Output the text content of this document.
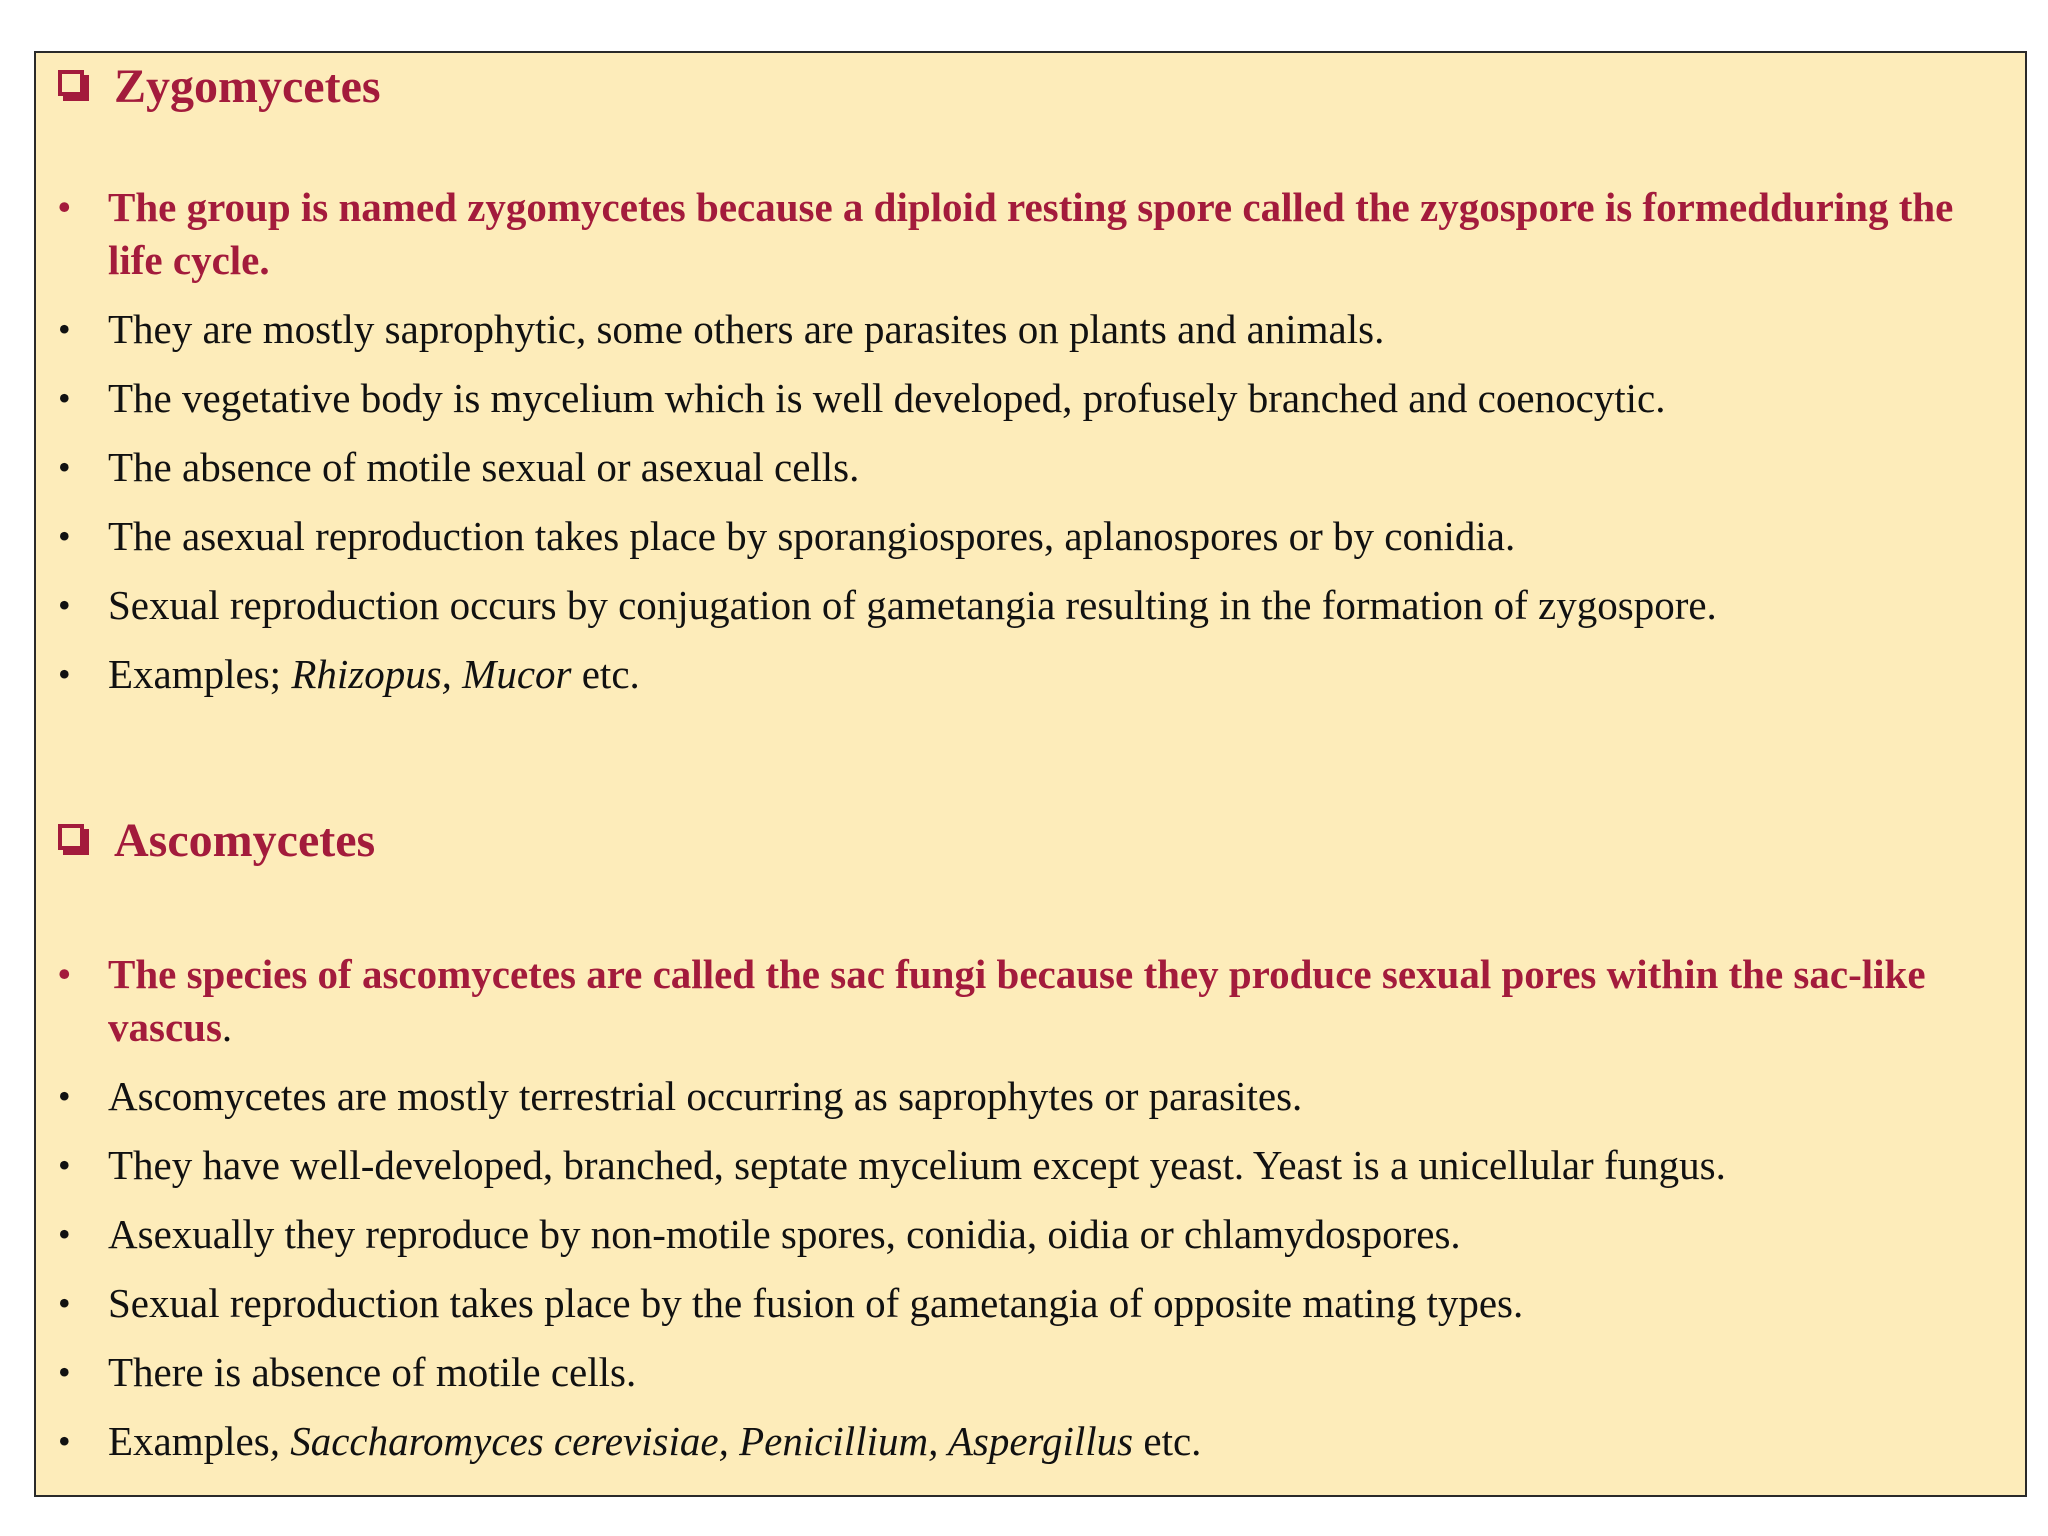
Zygomycetes
• The group is named zygomycetes because a diploid resting spore called the zygospore is formedduring the life cycle.
• They are mostly saprophytic, some others are parasites on plants and animals.
• The vegetative body is mycelium which is well developed, profusely branched and coenocytic.
• The absence of motile sexual or asexual cells.
• The asexual reproduction takes place by sporangiospores, aplanospores or by conidia.
• Sexual reproduction occurs by conjugation of gametangia resulting in the formation of zygospore.
• Examples; Rhizopus, Mucor etc.
Ascomycetes
• The species of ascomycetes are called the sac fungi because they produce sexual pores within the sac-like vascus.
• Ascomycetes are mostly terrestrial occurring as saprophytes or parasites.
• They have well-developed, branched, septate mycelium except yeast. Yeast is a unicellular fungus.
• Asexually they reproduce by non-motile spores, conidia, oidia or chlamydospores.
• Sexual reproduction takes place by the fusion of gametangia of opposite mating types.
• There is absence of motile cells.
• Examples, Saccharomyces cerevisiae, Penicillium, Aspergillus etc.
